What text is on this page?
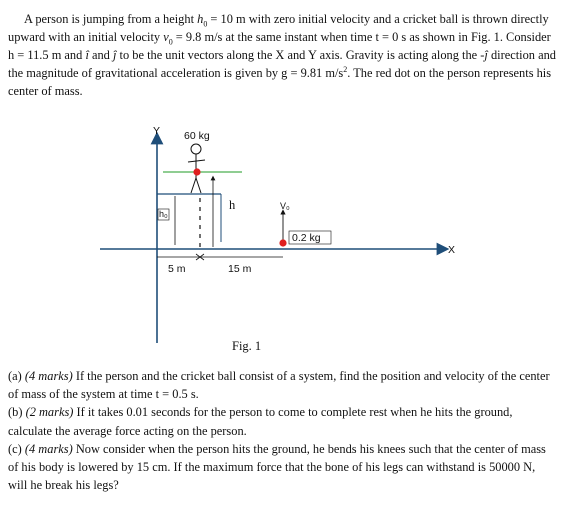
A person is jumping from a height $h_0 = 10$ m with zero initial velocity and a cricket ball is thrown directly upward with an initial velocity $v_0 = 9.8$ m/s at the same instant when time t = 0 s as shown in Fig. 1. Consider h = 11.5 m and î and ĵ to be the unit vectors along the X and Y axis. Gravity is acting along the -ĵ direction and the magnitude of gravitational acceleration is given by g = 9.81 $m/s^2$. The red dot on the person represents his center of mass.

Y
X
60 kg
h₀
h	V₀
0.2 kg
5 m	15 m
Fig. 1

(a) (4 marks) If the person and the cricket ball consist of a system, find the position and velocity of the center of mass of the system at time t = 0.5 s.

(b) (2 marks) If it takes 0.01 seconds for the person to come to complete rest when he hits the ground, calculate the average force acting on the person.

(c) (4 marks) Now consider when the person hits the ground, he bends his knees such that the center of mass of his body is lowered by 15 cm. If the maximum force that the bone of his legs can withstand is 50000 N, will he break his legs?
